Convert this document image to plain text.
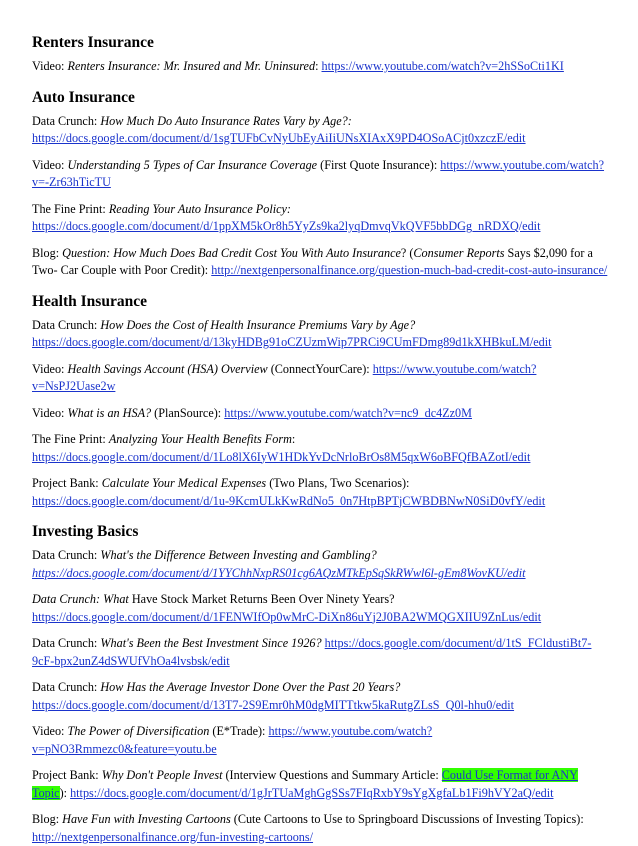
Renters Insurance

Video: Renters Insurance: Mr. Insured and Mr. Uninsured: https://www.youtube.com/watch?v=2hSSoCti1KI

Auto Insurance

Data Crunch: How Much Do Auto Insurance Rates Vary by Age?: https://docs.google.com/document/d/1sgTUFbCvNyUbEyAiIiUNsXIAxX9PD4OSoACjt0xzczE/edit

Video: Understanding 5 Types of Car Insurance Coverage (First Quote Insurance): https://www.youtube.com/watch?v=-Zr63hTicTU

The Fine Print: Reading Your Auto Insurance Policy: https://docs.google.com/document/d/1ppXM5kOr8h5YyZs9ka2lyqDmvqVkQVF5bbDGg_nRDXQ/edit

Blog: Question: How Much Does Bad Credit Cost You With Auto Insurance? (Consumer Reports Says $2,090 for a Two- Car Couple with Poor Credit): http://nextgenpersonalfinance.org/question-much-bad-credit-cost-auto-insurance/

Health Insurance

Data Crunch: How Does the Cost of Health Insurance Premiums Vary by Age? https://docs.google.com/document/d/13kyHDBg91oCZUzmWip7PRCi9CUmFDmg89d1kXHBkuLM/edit

Video: Health Savings Account (HSA) Overview (ConnectYourCare): https://www.youtube.com/watch?v=NsPJ2Uase2w

Video: What is an HSA? (PlanSource): https://www.youtube.com/watch?v=nc9_dc4Zz0M

The Fine Print: Analyzing Your Health Benefits Form: https://docs.google.com/document/d/1Lo8lX6IyW1HDkYvDcNrloBrOs8M5qxW6oBFQfBAZotI/edit

Project Bank: Calculate Your Medical Expenses (Two Plans, Two Scenarios): https://docs.google.com/document/d/1u-9KcmULkKwRdNo5_0n7HtpBPTjCWBDBNwN0SiD0vfY/edit

Investing Basics

Data Crunch: What's the Difference Between Investing and Gambling? https://docs.google.com/document/d/1YYChhNxpRS01cg6AQzMTkEpSqSkRWwl6l-gEm8WovKU/edit

Data Crunch: What Have Stock Market Returns Been Over Ninety Years? https://docs.google.com/document/d/1FENWIfOp0wMrC-DiXn86uYj2J0BA2WMQGXIIU9ZnLus/edit

Data Crunch: What's Been the Best Investment Since 1926? https://docs.google.com/document/d/1tS_FCldustiBt7-9cF-bpx2unZ4dSWUfVhOa4lvsbsk/edit

Data Crunch: How Has the Average Investor Done Over the Past 20 Years? https://docs.google.com/document/d/13T7-2S9Emr0hM0dgMITTtkw5kaRutgZLsS_Q0l-hhu0/edit

Video: The Power of Diversification (E*Trade): https://www.youtube.com/watch?v=pNO3Rmmezc0&feature=youtu.be

Project Bank: Why Don't People Invest (Interview Questions and Summary Article: Could Use Format for ANY Topic): https://docs.google.com/document/d/1gJrTUaMghGgSSs7FIqRxbY9sYgXgfaLb1Fi9hVY2aQ/edit

Blog: Have Fun with Investing Cartoons (Cute Cartoons to Use to Springboard Discussions of Investing Topics): http://nextgenpersonalfinance.org/fun-investing-cartoons/
